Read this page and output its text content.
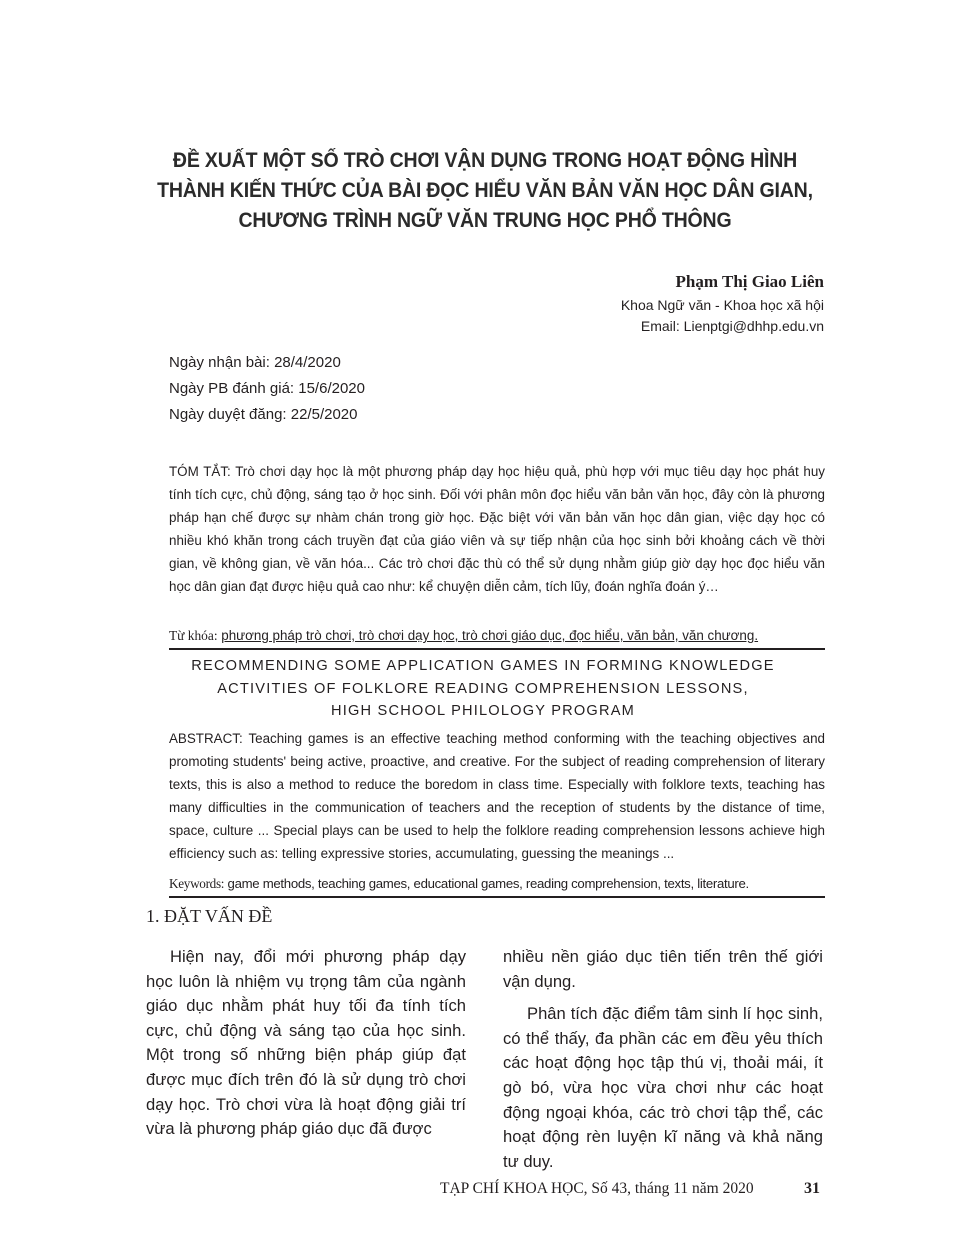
ĐỀ XUẤT MỘT SỐ TRÒ CHƠI VẬN DỤNG TRONG HOẠT ĐỘNG HÌNH
THÀNH KIẾN THỨC CỦA BÀI ĐỌC HIỂU VĂN BẢN VĂN HỌC DÂN GIAN,
CHƯƠNG TRÌNH NGỮ VĂN TRUNG HỌC PHỔ THÔNG
Phạm Thị Giao Liên
Khoa Ngữ văn - Khoa học xã hội
Email: Lienptgi@dhhp.edu.vn
Ngày nhận bài: 28/4/2020
Ngày PB đánh giá: 15/6/2020
Ngày duyệt đăng: 22/5/2020
TÓM TẮT: Trò chơi dạy học là một phương pháp dạy học hiệu quả, phù hợp với mục tiêu dạy học phát huy tính tích cực, chủ động, sáng tạo ở học sinh. Đối với phân môn đọc hiểu văn bản văn học, đây còn là phương pháp hạn chế được sự nhàm chán trong giờ học. Đặc biệt với văn bản văn học dân gian, việc dạy học có nhiều khó khăn trong cách truyền đạt của giáo viên và sự tiếp nhận của học sinh bởi khoảng cách về thời gian, về không gian, về văn hóa... Các trò chơi đặc thù có thể sử dụng nhằm giúp giờ dạy học đọc hiểu văn học dân gian đạt được hiệu quả cao như: kể chuyện diễn cảm, tích lũy, đoán nghĩa đoán ý…
Từ khóa: phương pháp trò chơi, trò chơi dạy học, trò chơi giáo dục, đọc hiểu, văn bản, văn chương.
RECOMMENDING SOME APPLICATION GAMES IN FORMING KNOWLEDGE
ACTIVITIES OF FOLKLORE READING COMPREHENSION LESSONS,
HIGH SCHOOL PHILOLOGY PROGRAM
ABSTRACT: Teaching games is an effective teaching method conforming with the teaching objectives and promoting students' being active, proactive, and creative. For the subject of reading comprehension of literary texts, this is also a method to reduce the boredom in class time. Especially with folklore texts, teaching has many difficulties in the communication of teachers and the reception of students by the distance of time, space, culture ... Special plays can be used to help the folklore reading comprehension lessons achieve high efficiency such as: telling expressive stories, accumulating, guessing the meanings ...
Keywords: game methods, teaching games, educational games, reading comprehension, texts, literature.
1. ĐẶT VẤN ĐỀ

Hiện nay, đổi mới phương pháp dạy học luôn là nhiệm vụ trọng tâm của ngành giáo dục nhằm phát huy tối đa tính tích cực, chủ động và sáng tạo của học sinh. Một trong số những biện pháp giúp đạt được mục đích trên đó là sử dụng trò chơi dạy học. Trò chơi vừa là hoạt động giải trí vừa là phương pháp giáo dục đã được

nhiều nền giáo dục tiên tiến trên thế giới vận dụng.

Phân tích đặc điểm tâm sinh lí học sinh, có thể thấy, đa phần các em đều yêu thích các hoạt động học tập thú vị, thoải mái, ít gò bó, vừa học vừa chơi như các hoạt động ngoại khóa, các trò chơi tập thể, các hoạt động rèn luyện kĩ năng và khả năng tư duy.

TẠP CHÍ KHOA HỌC, Số 43, tháng 11 năm 2020	31
